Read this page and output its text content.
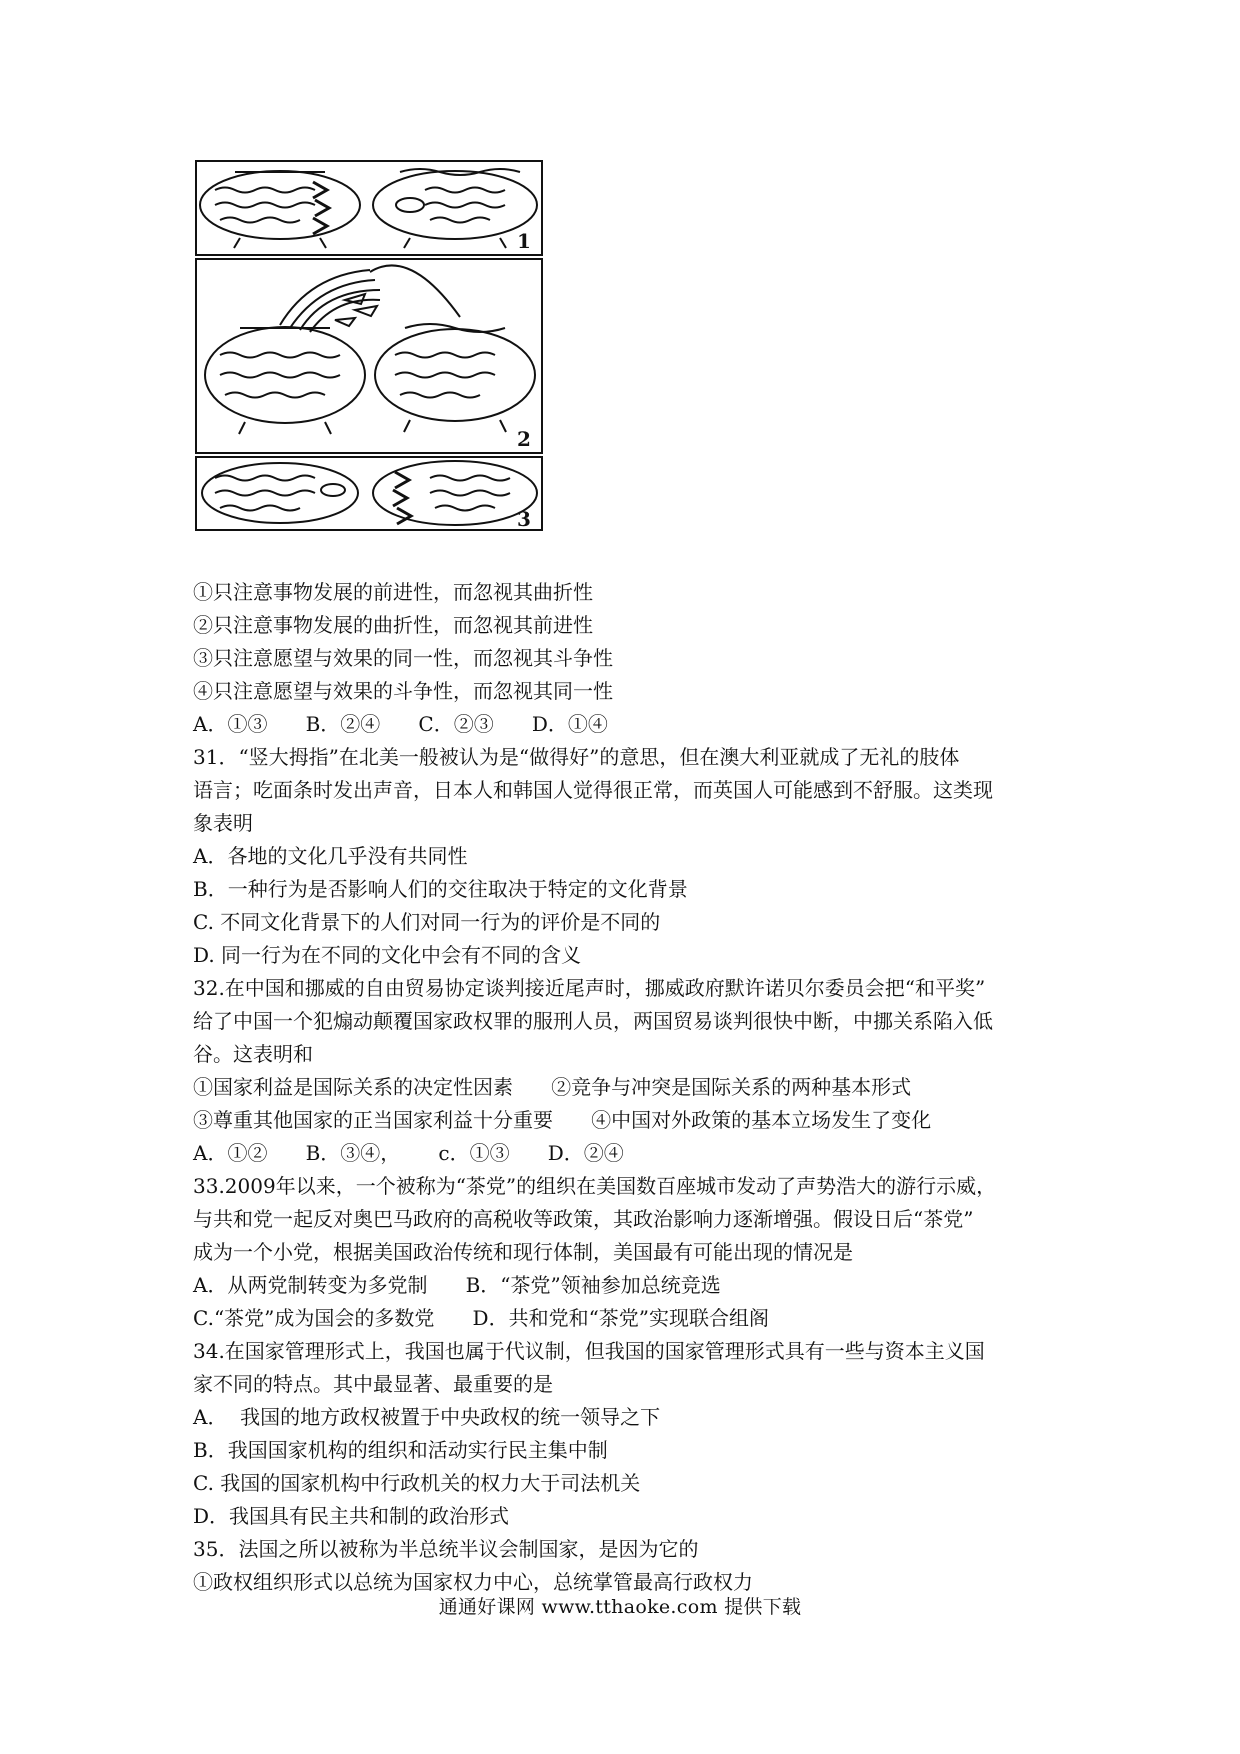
1
2
3
①只注意事物发展的前进性，而忽视其曲折性
②只注意事物发展的曲折性，而忽视其前进性
③只注意愿望与效果的同一性，而忽视其斗争性
④只注意愿望与效果的斗争性，而忽视其同一性
A．①③      B．②④      C．②③      D．①④
31．“竖大拇指”在北美一般被认为是“做得好”的意思，但在澳大利亚就成了无礼的肢体
语言；吃面条时发出声音，日本人和韩国人觉得很正常，而英国人可能感到不舒服。这类现
象表明
A．各地的文化几乎没有共同性
B．一种行为是否影响人们的交往取决于特定的文化背景
C. 不同文化背景下的人们对同一行为的评价是不同的
D. 同一行为在不同的文化中会有不同的含义
32.在中国和挪威的自由贸易协定谈判接近尾声时，挪威政府默许诺贝尔委员会把“和平奖”
给了中国一个犯煽动颠覆国家政权罪的服刑人员，两国贸易谈判很快中断，中挪关系陷入低
谷。这表明和
①国家利益是国际关系的决定性因素      ②竞争与冲突是国际关系的两种基本形式
③尊重其他国家的正当国家利益十分重要      ④中国对外政策的基本立场发生了变化
A．①②      B．③④，      c．①③      D．②④
33.2009年以来，一个被称为“茶党”的组织在美国数百座城市发动了声势浩大的游行示威，
与共和党一起反对奥巴马政府的高税收等政策，其政治影响力逐渐增强。假设日后“茶党”
成为一个小党，根据美国政治传统和现行体制，美国最有可能出现的情况是
A．从两党制转变为多党制      B．“茶党”领袖参加总统竞选
C.“茶党”成为国会的多数党      D．共和党和“茶党”实现联合组阁
34.在国家管理形式上，我国也属于代议制，但我国的国家管理形式具有一些与资本主义国
家不同的特点。其中最显著、最重要的是
A．  我国的地方政权被置于中央政权的统一领导之下
B．我国国家机构的组织和活动实行民主集中制
C. 我国的国家机构中行政机关的权力大于司法机关
D．我国具有民主共和制的政治形式
35．法国之所以被称为半总统半议会制国家，是因为它的
①政权组织形式以总统为国家权力中心，总统掌管最高行政权力
通通好课网 www.tthaoke.com 提供下载
